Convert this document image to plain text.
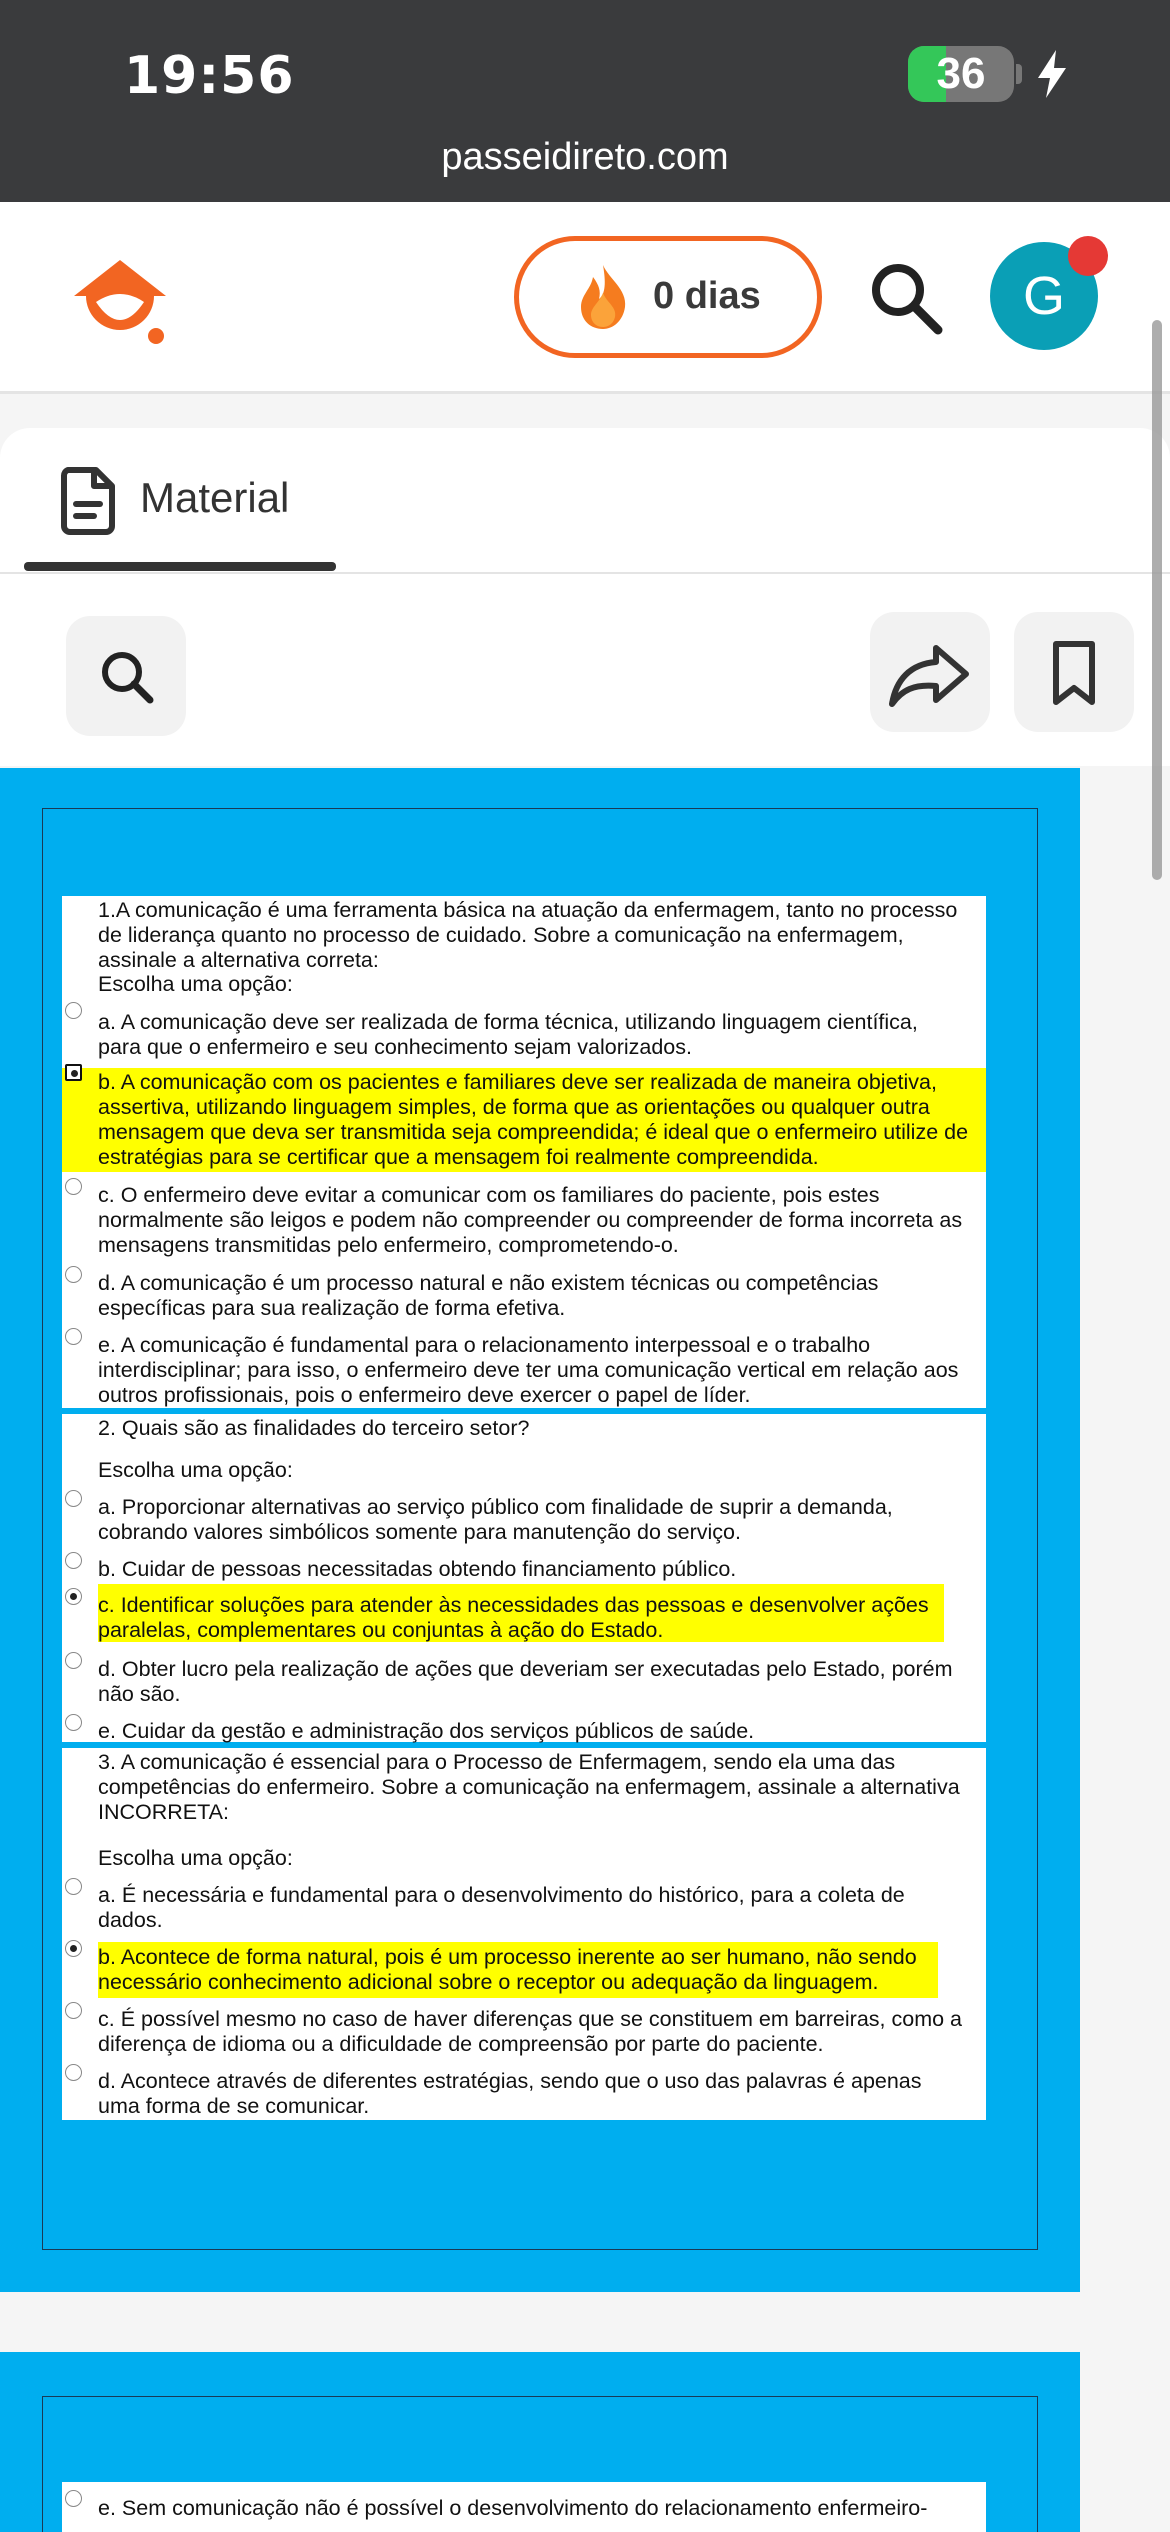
19:56	36
passeidireto.com
0 dias	G
Material
1.A comunicação é uma ferramenta básica na atuação da enfermagem, tanto no processo de liderança quanto no processo de cuidado. Sobre a comunicação na enfermagem, assinale a alternativa correta:
Escolha uma opção:
a. A comunicação deve ser realizada de forma técnica, utilizando linguagem científica, para que o enfermeiro e seu conhecimento sejam valorizados.
b. A comunicação com os pacientes e familiares deve ser realizada de maneira objetiva, assertiva, utilizando linguagem simples, de forma que as orientações ou qualquer outra mensagem que deva ser transmitida seja compreendida; é ideal que o enfermeiro utilize de estratégias para se certificar que a mensagem foi realmente compreendida.
c. O enfermeiro deve evitar a comunicar com os familiares do paciente, pois estes normalmente são leigos e podem não compreender ou compreender de forma incorreta as mensagens transmitidas pelo enfermeiro, comprometendo-o.
d. A comunicação é um processo natural e não existem técnicas ou competências específicas para sua realização de forma efetiva.
e. A comunicação é fundamental para o relacionamento interpessoal e o trabalho interdisciplinar; para isso, o enfermeiro deve ter uma comunicação vertical em relação aos outros profissionais, pois o enfermeiro deve exercer o papel de líder.
2. Quais são as finalidades do terceiro setor?
Escolha uma opção:
a. Proporcionar alternativas ao serviço público com finalidade de suprir a demanda, cobrando valores simbólicos somente para manutenção do serviço.
b. Cuidar de pessoas necessitadas obtendo financiamento público.
c. Identificar soluções para atender às necessidades das pessoas e desenvolver ações paralelas, complementares ou conjuntas à ação do Estado.
d. Obter lucro pela realização de ações que deveriam ser executadas pelo Estado, porém não são.
e. Cuidar da gestão e administração dos serviços públicos de saúde.
3. A comunicação é essencial para o Processo de Enfermagem, sendo ela uma das competências do enfermeiro. Sobre a comunicação na enfermagem, assinale a alternativa INCORRETA:
Escolha uma opção:
a. É necessária e fundamental para o desenvolvimento do histórico, para a coleta de dados.
b. Acontece de forma natural, pois é um processo inerente ao ser humano, não sendo necessário conhecimento adicional sobre o receptor ou adequação da linguagem.
c. É possível mesmo no caso de haver diferenças que se constituem em barreiras, como a diferença de idioma ou a dificuldade de compreensão por parte do paciente.
d. Acontece através de diferentes estratégias, sendo que o uso das palavras é apenas uma forma de se comunicar.
e. Sem comunicação não é possível o desenvolvimento do relacionamento enfermeiro-
